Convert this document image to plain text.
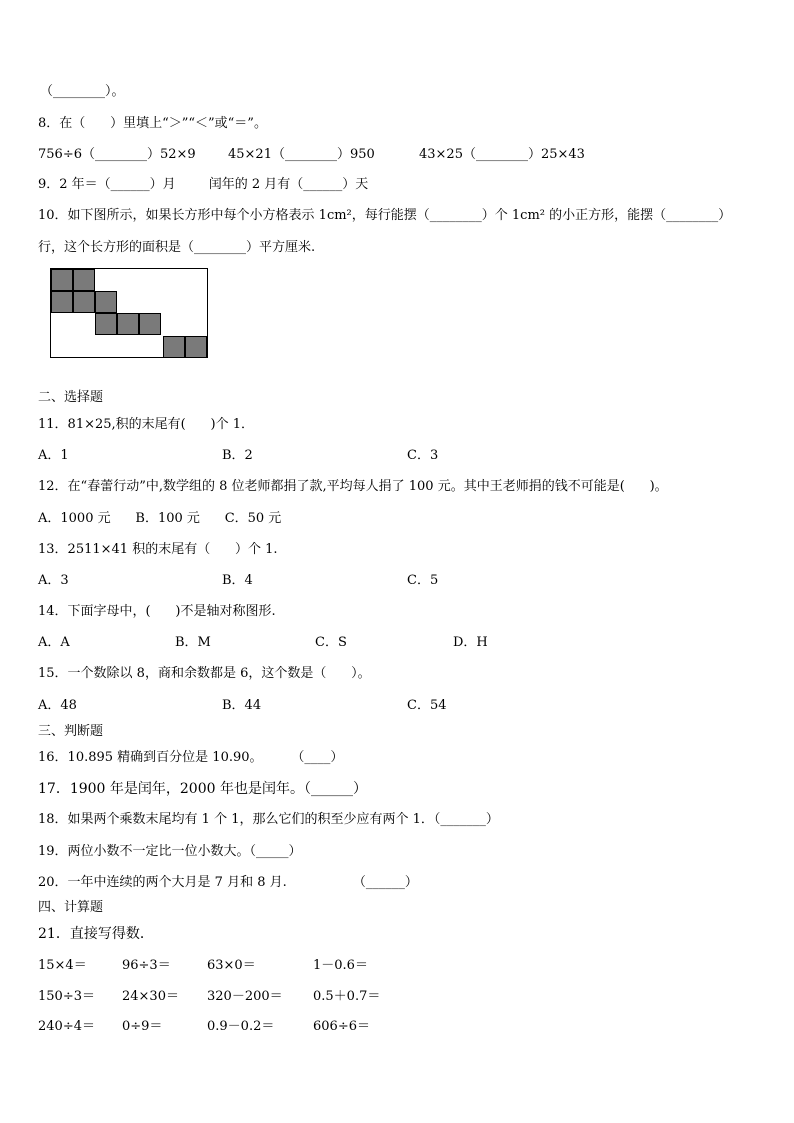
（________）。
8．在（      ）里填上“＞”“＜”或“＝”。
756÷6（________）52×9 45×21（________）950	43×25（________）25×43
9．2 年＝（______）月        闰年的 2 月有（______）天
10．如下图所示，如果长方形中每个小方格表示 1cm²，每行能摆（________）个 1cm² 的小正方形，能摆（________）
行，这个长方形的面积是（________）平方厘米.
二、选择题
11．81×25,积的末尾有(      )个 1．
A．1	B．2	C．3
12．在“春蕾行动”中,数学组的 8 位老师都捐了款,平均每人捐了 100 元。其中王老师捐的钱不可能是(      )。
A．1000 元      B．100 元      C．50 元
13．2511×41 积的末尾有（      ）个 1.
A．3	B．4	C．5
14．下面字母中，(      )不是轴对称图形.
A．A	B．M	C．S	D．H
15．一个数除以 8，商和余数都是 6，这个数是（      ）。
A．48	B．44	C．54
三、判断题
16．10.895 精确到百分位是 10.90。       （____）
17．1900 年是闰年，2000 年也是闰年。（______）
18．如果两个乘数末尾均有 1 个 1，那么它们的积至少应有两个 1．（_______）
19．两位小数不一定比一位小数大。（_____）
20．一年中连续的两个大月是 7 月和 8 月.                （______）
四、计算题
21．直接写得数．
15×4＝	96÷3＝	63×0＝	1－0.6＝
150÷3＝ 24×30＝ 320－200＝ 0.5＋0.7＝
240÷4＝ 0÷9＝	0.9－0.2＝	606÷6＝
